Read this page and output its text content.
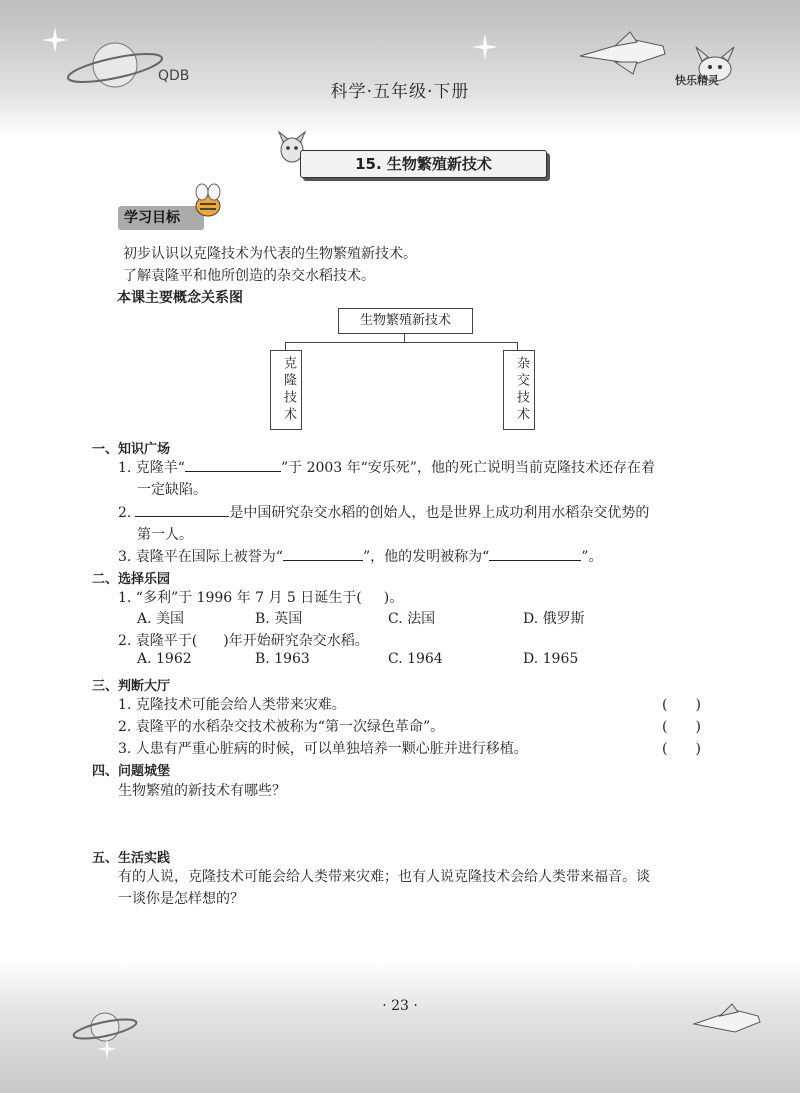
QDB
科学·五年级·下册
快乐精灵
15. 生物繁殖新技术
学习目标
初步认识以克隆技术为代表的生物繁殖新技术。
了解袁隆平和他所创造的杂交水稻技术。
本课主要概念关系图
生物繁殖新技术
克隆技术	杂交技术
一、知识广场
1. 克隆羊“	”于 2003 年“安乐死”，他的死亡说明当前克隆技术还存在着
一定缺陷。
2.	是中国研究杂交水稻的创始人，也是世界上成功利用水稻杂交优势的
第一人。
3. 袁隆平在国际上被誉为“	”，他的发明被称为“	”。
二、选择乐园
1. “多利”于 1996 年 7 月 5 日诞生于( )。
A. 美国	B. 英国	C. 法国	D. 俄罗斯
2. 袁隆平于( )年开始研究杂交水稻。
A. 1962	B. 1963	C. 1964	D. 1965
三、判断大厅
1. 克隆技术可能会给人类带来灾难。	(　　)
2. 袁隆平的水稻杂交技术被称为“第一次绿色革命”。	(　　)
3. 人患有严重心脏病的时候，可以单独培养一颗心脏并进行移植。	(　　)
四、问题城堡
生物繁殖的新技术有哪些？
五、生活实践
有的人说，克隆技术可能会给人类带来灾难；也有人说克隆技术会给人类带来福音。谈
一谈你是怎样想的？
· 23 ·
